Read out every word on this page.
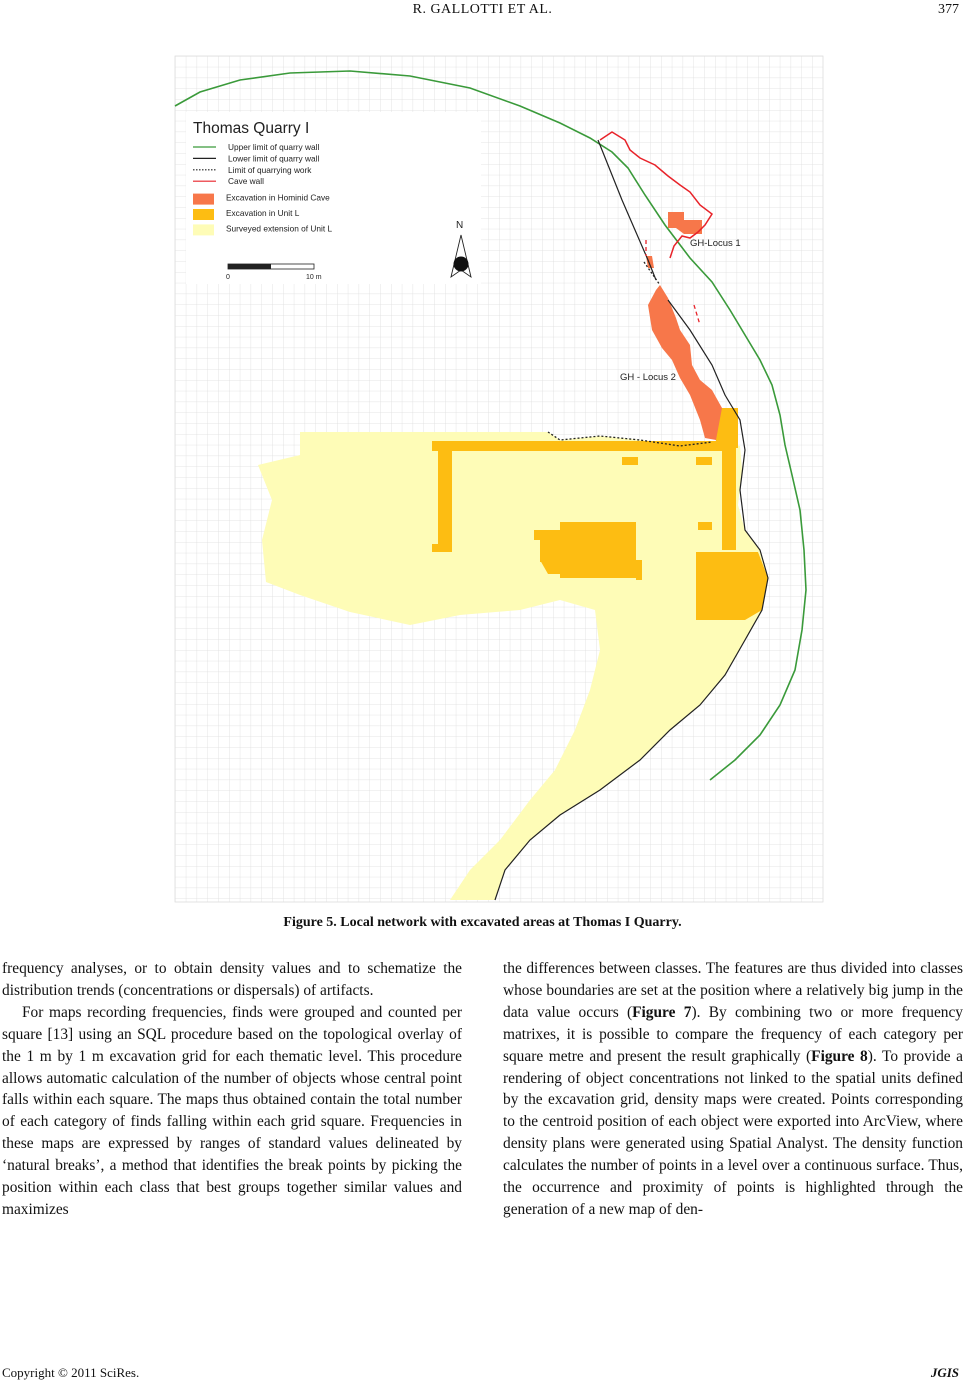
R. GALLOTTI ET AL.	377
Thomas Quarry I
Upper limit of quarry wall
Lower limit of quarry wall
Limit of quarrying work
Cave wall
Excavation in Hominid Cave
Excavation in Unit L
Surveyed extension of Unit L
0	10 m
N
GH-Locus 1
GH - Locus 2
Figure 5. Local network with excavated areas at Thomas I Quarry.

frequency analyses, or to obtain density values and to schematize the distribution trends (concentrations or dispersals) of artifacts.

For maps recording frequencies, finds were grouped and counted per square [13] using an SQL procedure based on the topological overlay of the 1 m by 1 m excavation grid for each thematic level. This procedure allows automatic calculation of the number of objects whose central point falls within each square. The maps thus obtained contain the total number of each category of finds falling within each grid square. Frequencies in these maps are expressed by ranges of standard values delineated by ‘natural breaks’, a method that identifies the break points by picking the position within each class that best groups together similar values and maximizes

the differences between classes. The features are thus divided into classes whose boundaries are set at the position where a relatively big jump in the data value occurs (Figure 7). By combining two or more frequency matrixes, it is possible to compare the frequency of each category per square metre and present the result graphically (Figure 8). To provide a rendering of object concentrations not linked to the spatial units defined by the excavation grid, density maps were created. Points corresponding to the centroid position of each object were exported into ArcView, where density plans were generated using Spatial Analyst. The density function calculates the number of points in a level over a continuous surface. Thus, the occurrence and proximity of points is highlighted through the generation of a new map of den-

Copyright © 2011 SciRes.	JGIS
